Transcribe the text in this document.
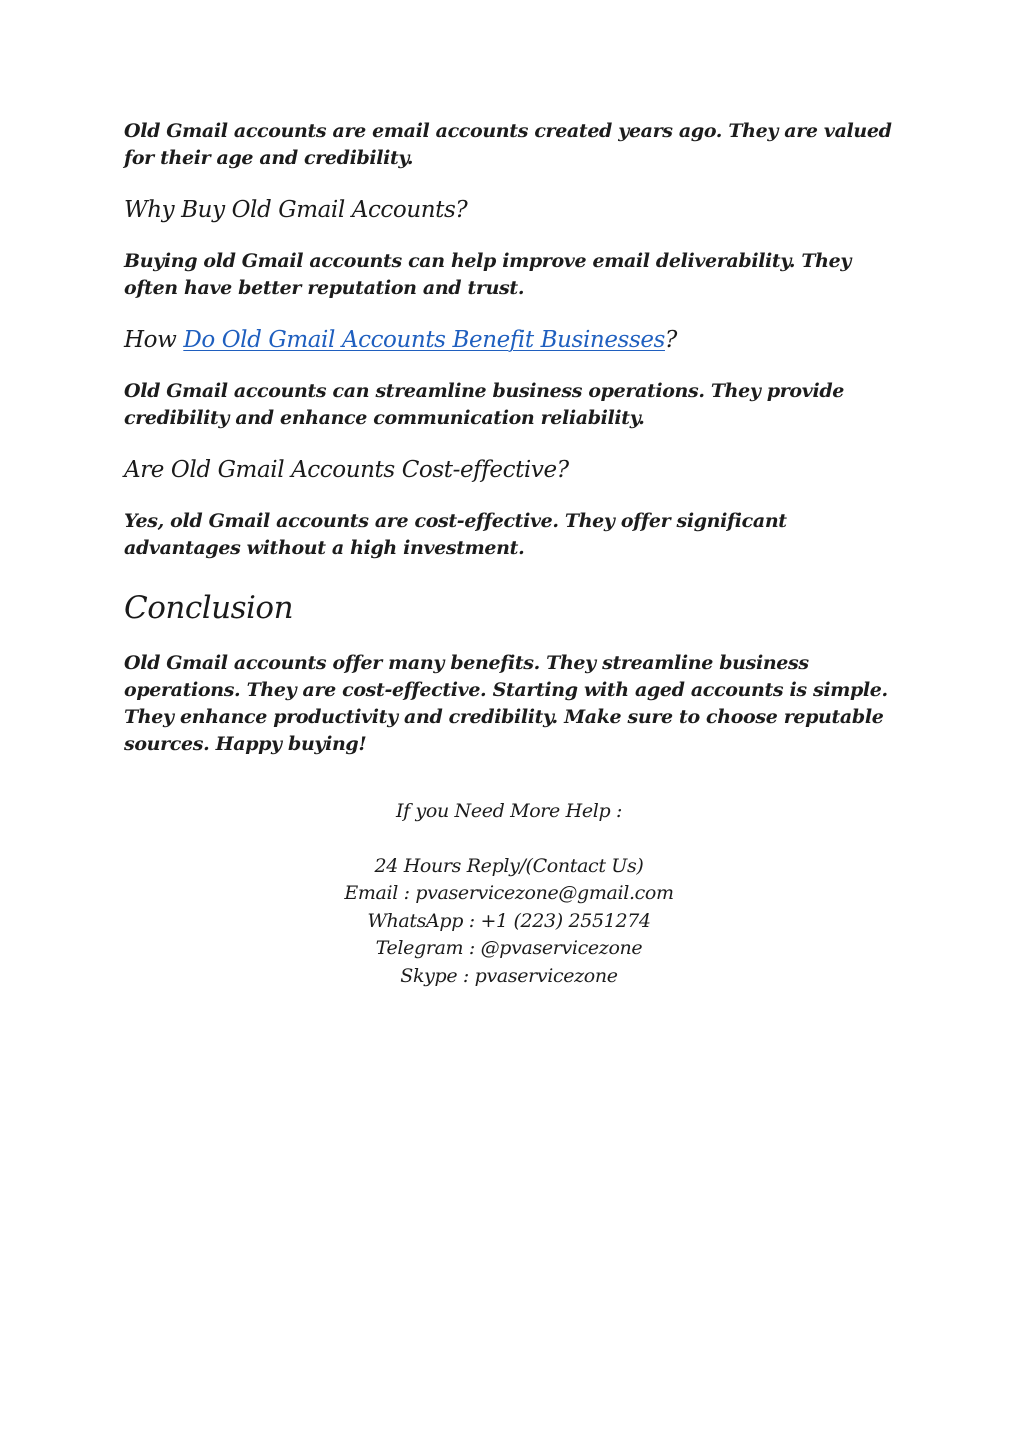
Old Gmail accounts are email accounts created years ago. They are valued for their age and credibility.

Why Buy Old Gmail Accounts?

Buying old Gmail accounts can help improve email deliverability. They often have better reputation and trust.

How Do Old Gmail Accounts Benefit Businesses?

Old Gmail accounts can streamline business operations. They provide credibility and enhance communication reliability.

Are Old Gmail Accounts Cost-effective?

Yes, old Gmail accounts are cost-effective. They offer significant advantages without a high investment.

Conclusion

Old Gmail accounts offer many benefits. They streamline business operations. They are cost-effective. Starting with aged accounts is simple. They enhance productivity and credibility. Make sure to choose reputable sources. Happy buying!

If you Need More Help :
24 Hours Reply/(Contact Us)
Email : pvaservicezone@gmail.com
WhatsApp : +1 (223) 2551274
Telegram : @pvaservicezone
Skype : pvaservicezone
